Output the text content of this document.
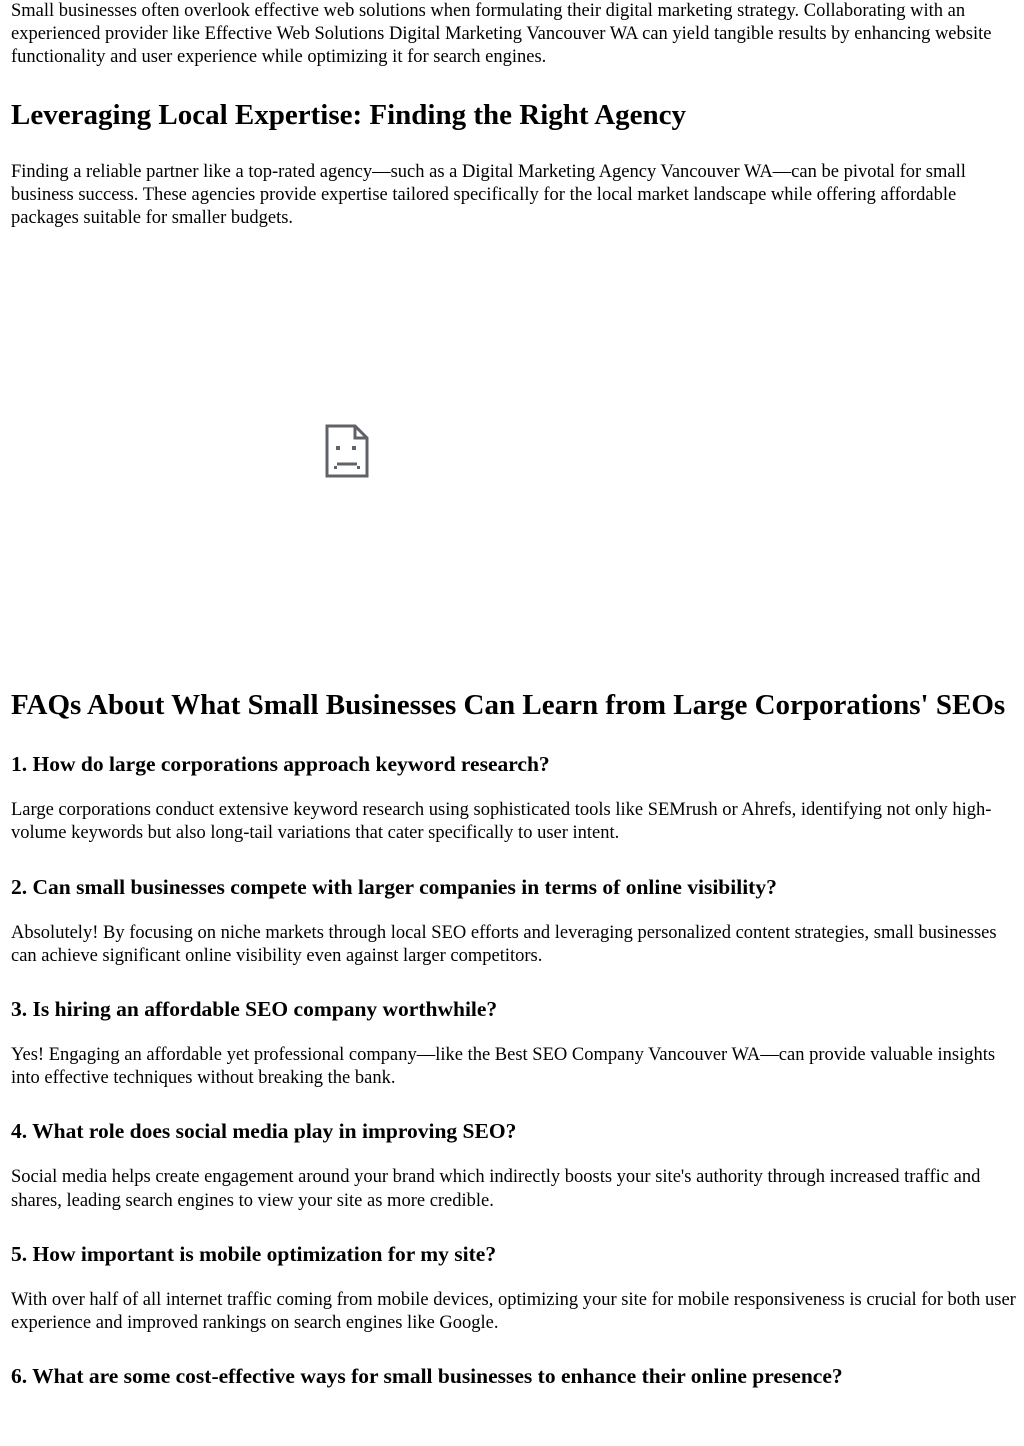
Small businesses often overlook effective web solutions when formulating their digital marketing strategy. Collaborating with an experienced provider like Effective Web Solutions Digital Marketing Vancouver WA can yield tangible results by enhancing website functionality and user experience while optimizing it for search engines.

Leveraging Local Expertise: Finding the Right Agency

Finding a reliable partner like a top-rated agency—such as a Digital Marketing Agency Vancouver WA—can be pivotal for small business success. These agencies provide expertise tailored specifically for the local market landscape while offering affordable packages suitable for smaller budgets.

FAQs About What Small Businesses Can Learn from Large Corporations' SEOs
1. How do large corporations approach keyword research?

Large corporations conduct extensive keyword research using sophisticated tools like SEMrush or Ahrefs, identifying not only high-volume keywords but also long-tail variations that cater specifically to user intent.

2. Can small businesses compete with larger companies in terms of online visibility?

Absolutely! By focusing on niche markets through local SEO efforts and leveraging personalized content strategies, small businesses can achieve significant online visibility even against larger competitors.

3. Is hiring an affordable SEO company worthwhile?

Yes! Engaging an affordable yet professional company—like the Best SEO Company Vancouver WA—can provide valuable insights into effective techniques without breaking the bank.

4. What role does social media play in improving SEO?

Social media helps create engagement around your brand which indirectly boosts your site's authority through increased traffic and shares, leading search engines to view your site as more credible.

5. How important is mobile optimization for my site?

With over half of all internet traffic coming from mobile devices, optimizing your site for mobile responsiveness is crucial for both user experience and improved rankings on search engines like Google.

6. What are some cost-effective ways for small businesses to enhance their online presence?
